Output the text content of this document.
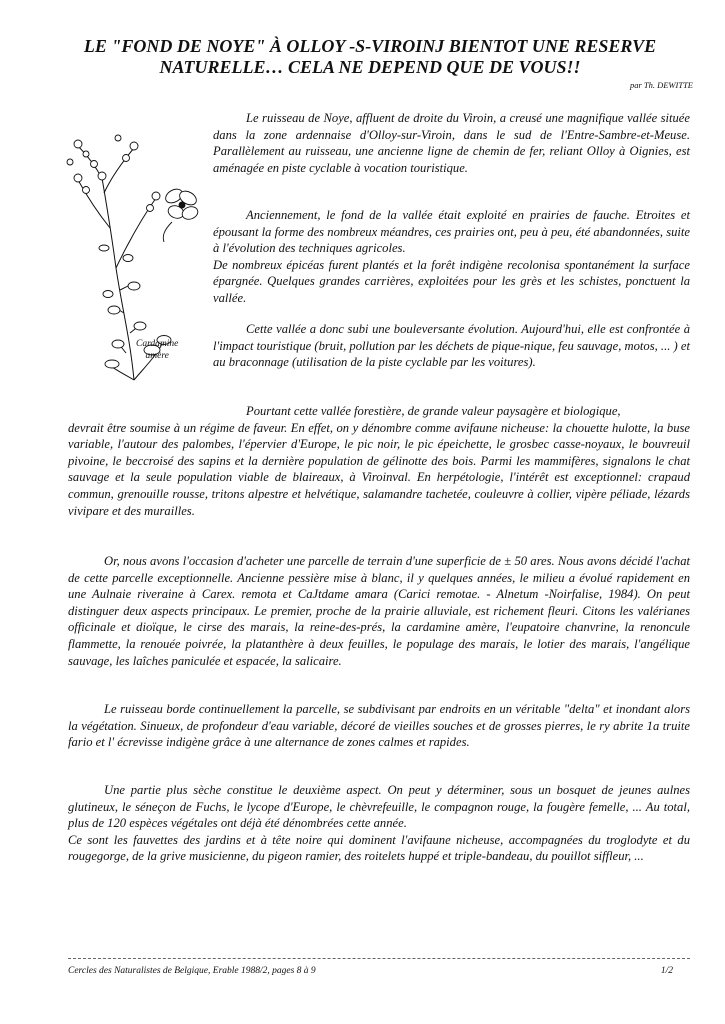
LE "FOND DE NOYE" À OLLOY -S-VIROINJ BIENTOT UNE RESERVE NATURELLE… CELA NE DEPEND QUE DE VOUS!!
par Th. DEWITTE
Cardamine
amère

Le ruisseau de Noye, affluent de droite du Viroin, a creusé une magnifique vallée située dans la zone ardennaise d'Olloy-sur-Viroin, dans le sud de l'Entre-Sambre-et-Meuse. Parallèlement au ruisseau, une ancienne ligne de chemin de fer, reliant Olloy à Oignies, est aménagée en piste cyclable à vocation touristique.

Anciennement, le fond de la vallée était exploité en prairies de fauche. Etroites et épousant la forme des nombreux méandres, ces prairies ont, peu à peu, été abandonnées, suite à l'évolution des techniques agricoles.

De nombreux épicéas furent plantés et la forêt indigène recolonisa spontanément la surface épargnée. Quelques grandes carrières, exploitées pour les grès et les schistes, ponctuent la vallée.

Cette vallée a donc subi une bouleversante évolution. Aujourd'hui, elle est confrontée à l'impact touristique (bruit, pollution par les déchets de pique-nique, feu sauvage, motos, ... ) et au braconnage (utilisation de la piste cyclable par les voitures).

Pourtant cette vallée forestière, de grande valeur paysagère et biologique,
devrait être soumise à un régime de faveur. En effet, on y dénombre comme avifaune nicheuse: la chouette hulotte, la buse variable, l'autour des palombes, l'épervier d'Europe, le pic noir, le pic épeichette, le grosbec casse-noyaux, le bouvreuil pivoine, le beccroisé des sapins et la dernière population de gélinotte des bois. Parmi les mammifères, signalons le chat sauvage et la seule population viable de blaireaux, à Viroinval. En herpétologie, l'intérêt est exceptionnel: crapaud commun, grenouille rousse, tritons alpestre et helvétique, salamandre tachetée, couleuvre à collier, vipère péliade, lézards vivipare et des murailles.

Or, nous avons l'occasion d'acheter une parcelle de terrain d'une superficie de ± 50 ares. Nous avons décidé l'achat de cette parcelle exceptionnelle. Ancienne pessière mise à blanc, il y quelques années, le milieu a évolué rapidement en une Aulnaie riveraine à Carex. remota et CaJtdame amara (Carici remotae. - Alnetum -Noirfalise, 1984). On peut distinguer deux aspects principaux. Le premier, proche de la prairie alluviale, est richement fleuri. Citons les valérianes officinale et dioïque, le cirse des marais, la reine-des-prés, la cardamine amère, l'eupatoire chanvrine, la renoncule flammette, la renouée poivrée, la platanthère à deux feuilles, le populage des marais, le lotier des marais, l'angélique sauvage, les laîches paniculée et espacée, la salicaire.

Le ruisseau borde continuellement la parcelle, se subdivisant par endroits en un véritable "delta" et inondant alors la végétation. Sinueux, de profondeur d'eau variable, décoré de vieilles souches et de grosses pierres, le ry abrite 1a truite fario et l' écrevisse indigène grâce à une alternance de zones calmes et rapides.

Une partie plus sèche constitue le deuxième aspect. On peut y déterminer, sous un bosquet de jeunes aulnes glutineux, le séneçon de Fuchs, le lycope d'Europe, le chèvrefeuille, le compagnon rouge, la fougère femelle, ... Au total, plus de 120 espèces végétales ont déjà été dénombrées cette année.

Ce sont les fauvettes des jardins et à tête noire qui dominent l'avifaune nicheuse, accompagnées du troglodyte et du rougegorge, de la grive musicienne, du pigeon ramier, des roitelets huppé et triple-bandeau, du pouillot siffleur, ...

Cercles des Naturalistes de Belgique, Erable 1988/2, pages 8 à 9	1/2
